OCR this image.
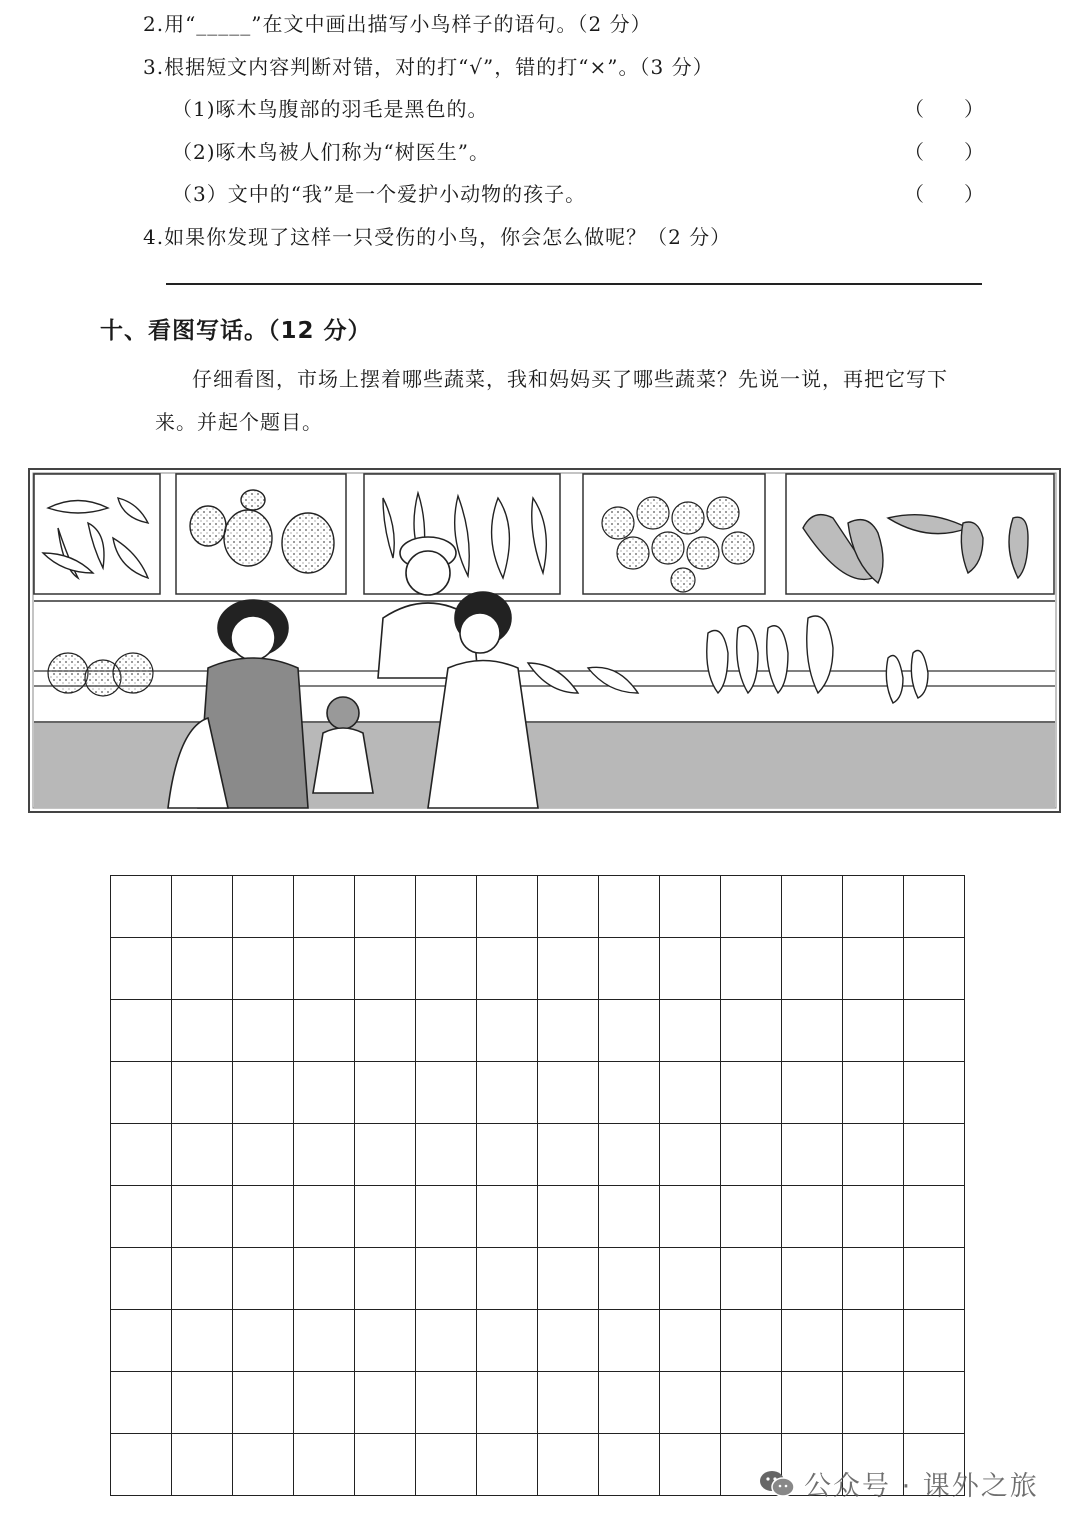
2.用“_____”在文中画出描写小鸟样子的语句。（2 分）
3.根据短文内容判断对错，对的打“√”，错的打“×”。（3 分）
（1)啄木鸟腹部的羽毛是黑色的。	（　　）
（2)啄木鸟被人们称为“树医生”。	（　　）
（3）文中的“我”是一个爱护小动物的孩子。	（　　）
4.如果你发现了这样一只受伤的小鸟，你会怎么做呢？（2 分）
十、看图写话。（12 分）
仔细看图，市场上摆着哪些蔬菜，我和妈妈买了哪些蔬菜？先说一说，再把它写下
来。并起个题目。

公众号 · 课外之旅
